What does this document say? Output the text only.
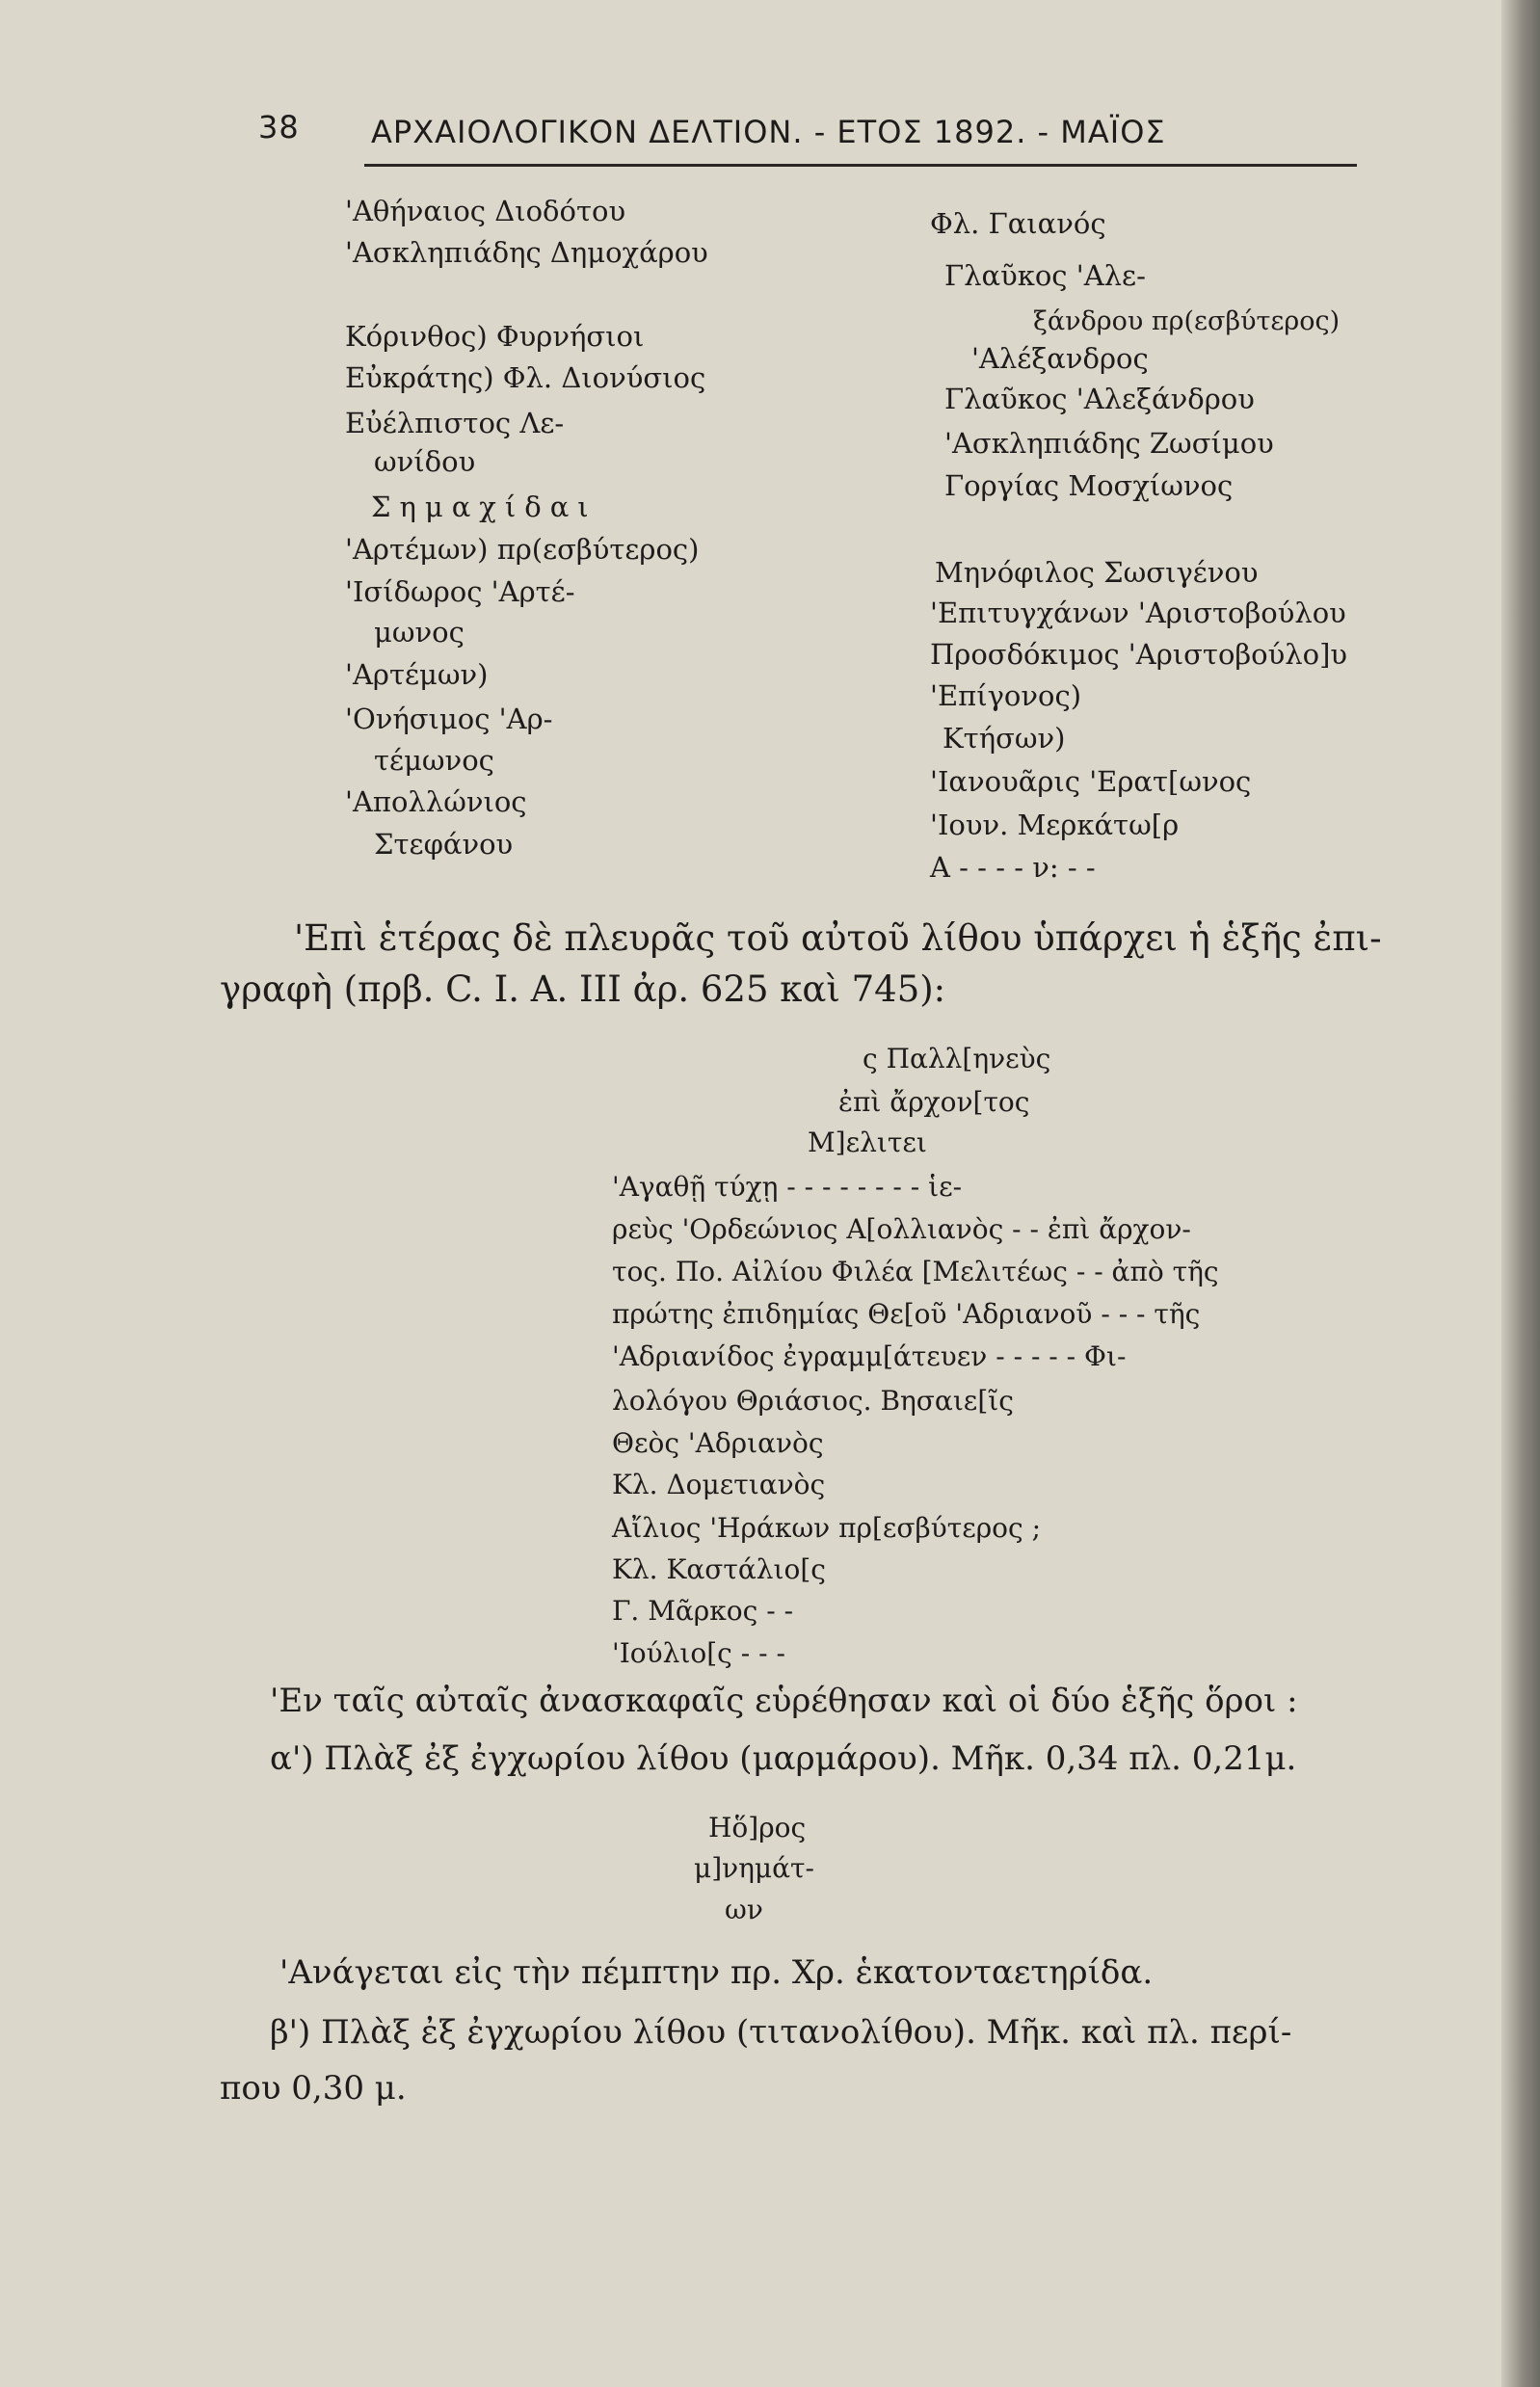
38 ΑΡΧΑΙΟΛΟΓΙΚΟΝ ΔΕΛΤΙΟΝ. - ΕΤΟΣ 1892. - ΜΑΪΟΣ
'Αθήναιος Διοδότου
'Ασκληπιάδης Δημοχάρου
Κόρινθος) Φυρνήσιοι
Εὐκράτης) Φλ. Διονύσιος
Εὐέλπιστος Λε-
ωνίδου
Σημαχίδαι
'Αρτέμων) πρ(εσβύτερος)
'Ισίδωρος 'Αρτέ-
μωνος
'Αρτέμων)
'Ονήσιμος 'Αρ-
τέμωνος
'Απολλώνιος
Στεφάνου
Φλ. Γαιανός
Γλαῦκος 'Αλε-
ξάνδρου πρ(εσβύτερος)
'Αλέξανδρος
Γλαῦκος 'Αλεξάνδρου
'Ασκληπιάδης Ζωσίμου
Γοργίας Μοσχίωνος
Μηνόφιλος Σωσιγένου
'Επιτυγχάνων 'Αριστοβούλου
Προσδόκιμος 'Αριστοβούλο]υ
'Επίγονος)
Κτήσων)
'Ιανουᾶρις 'Ερατ[ωνος
'Ιουν. Μερκάτω[ρ
Α - - - - ν: - -
'Επὶ ἑτέρας δὲ πλευρᾶς τοῦ αὐτοῦ λίθου ὑπάρχει ἡ ἑξῆς ἐπι-
γραφὴ (πρβ. C. I. A. III ἀρ. 625 καὶ 745):
ς Παλλ[ηνεὺς
ἐπὶ ἄρχον[τος
Μ]ελιτει
'Αγαθῇ τύχῃ - - - - - - - - ἱε-
ρεὺς 'Ορδεώνιος Α[ολλιανὸς - - ἐπὶ ἄρχον-
τος. Πο. Αἰλίου Φιλέα [Μελιτέως - - ἀπὸ τῆς
πρώτης ἐπιδημίας Θε[οῦ 'Αδριανοῦ - - - τῆς
'Αδριανίδος ἐγραμμ[άτευεν - - - - - Φι-
λολόγου Θριάσιος. Βησαιε[ῖς
Θεὸς 'Αδριανὸς
Κλ. Δομετιανὸς
Αἴλιος 'Ηράκων πρ[εσβύτερος ;
Κλ. Καστάλιο[ς
Γ. Μᾶρκος - -
'Ιούλιο[ς - - -
'Εν ταῖς αὐταῖς ἀνασκαφαῖς εὑρέθησαν καὶ οἱ δύο ἑξῆς ὅροι :
α') Πλὰξ ἐξ ἐγχωρίου λίθου (μαρμάρου). Μῆκ. 0,34 πλ. 0,21μ.
Ηὅ]ρος
μ]νημάτ-
ων
'Ανάγεται εἰς τὴν πέμπτην πρ. Χρ. ἑκατονταετηρίδα.
β') Πλὰξ ἐξ ἐγχωρίου λίθου (τιτανολίθου). Μῆκ. καὶ πλ. περί-
που 0,30 μ.
